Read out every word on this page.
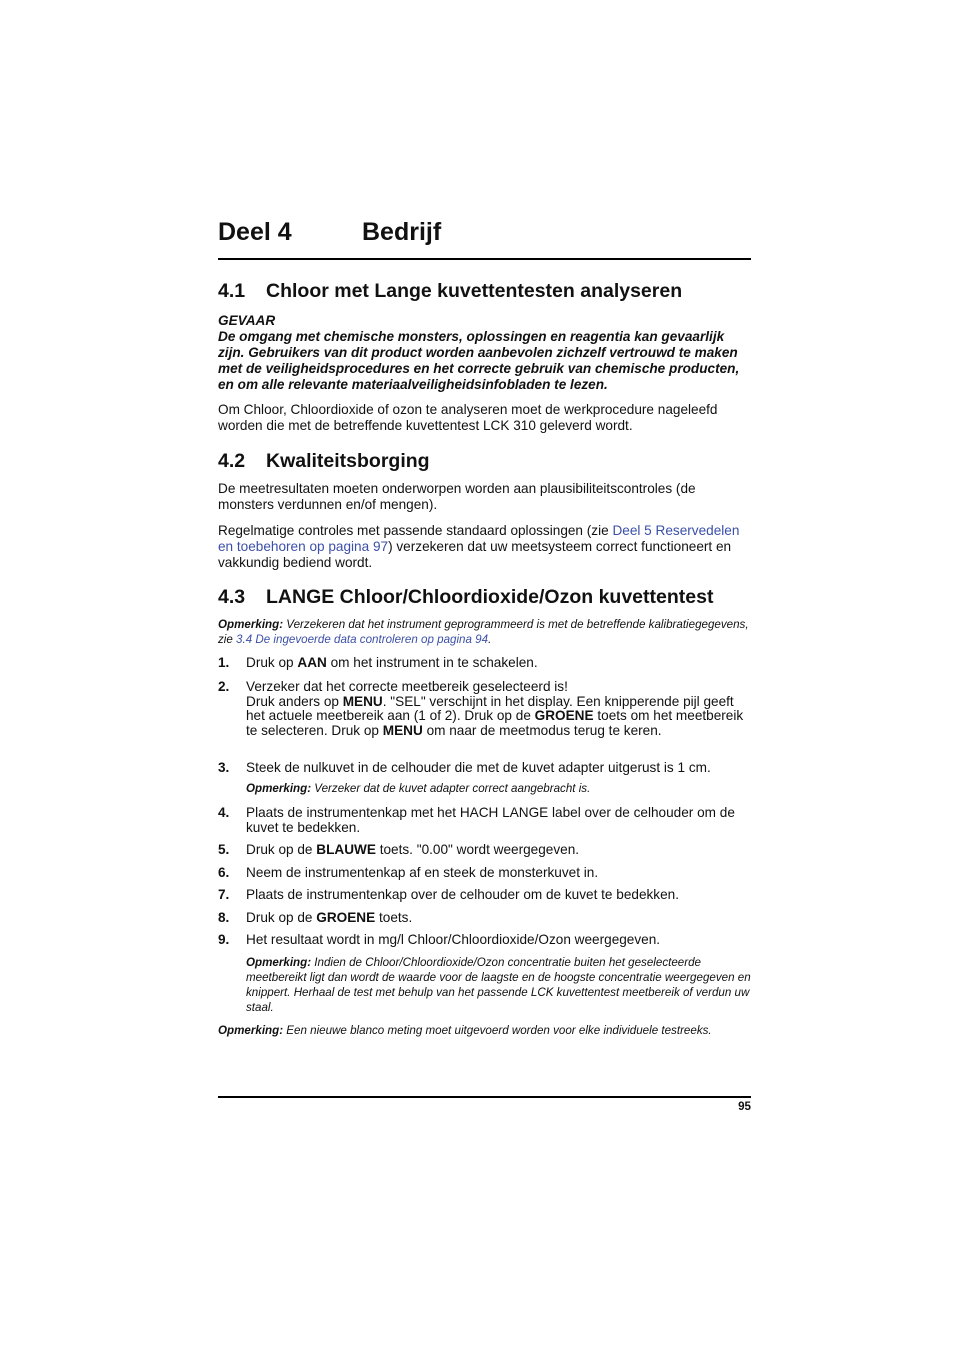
Deel 4	Bedrijf
4.1 Chloor met Lange kuvettentesten analyseren
GEVAAR
De omgang met chemische monsters, oplossingen en reagentia kan gevaarlijk zijn. Gebruikers van dit product worden aanbevolen zichzelf vertrouwd te maken met de veiligheidsprocedures en het correcte gebruik van chemische producten, en om alle relevante materiaalveiligheidsinfobladen te lezen.
Om Chloor, Chloordioxide of ozon te analyseren moet de werkprocedure nageleefd worden die met de betreffende kuvettentest LCK 310 geleverd wordt.
4.2 Kwaliteitsborging
De meetresultaten moeten onderworpen worden aan plausibiliteitscontroles (de monsters verdunnen en/of mengen).
Regelmatige controles met passende standaard oplossingen (zie Deel 5 Reservedelen en toebehoren op pagina 97) verzekeren dat uw meetsysteem correct functioneert en vakkundig bediend wordt.
4.3 LANGE Chloor/Chloordioxide/Ozon kuvettentest
Opmerking: Verzekeren dat het instrument geprogrammeerd is met de betreffende kalibratiegegevens, zie 3.4 De ingevoerde data controleren op pagina 94.
1. Druk op AAN om het instrument in te schakelen.
2. Verzeker dat het correcte meetbereik geselecteerd is!
Druk anders op MENU. "SEL" verschijnt in het display. Een knipperende pijl geeft het actuele meetbereik aan (1 of 2). Druk op de GROENE toets om het meetbereik te selecteren. Druk op MENU om naar de meetmodus terug te keren.
3. Steek de nulkuvet in de celhouder die met de kuvet adapter uitgerust is 1 cm.
Opmerking: Verzeker dat de kuvet adapter correct aangebracht is.
4. Plaats de instrumentenkap met het HACH LANGE label over de celhouder om de kuvet te bedekken.
5. Druk op de BLAUWE toets. "0.00" wordt weergegeven.
6. Neem de instrumentenkap af en steek de monsterkuvet in.
7. Plaats de instrumentenkap over de celhouder om de kuvet te bedekken.
8. Druk op de GROENE toets.
9. Het resultaat wordt in mg/l Chloor/Chloordioxide/Ozon weergegeven.
Opmerking: Indien de Chloor/Chloordioxide/Ozon concentratie buiten het geselecteerde meetbereikt ligt dan wordt de waarde voor de laagste en de hoogste concentratie weergegeven en knippert. Herhaal de test met behulp van het passende LCK kuvettentest meetbereik of verdun uw staal.
Opmerking: Een nieuwe blanco meting moet uitgevoerd worden voor elke individuele testreeks.
95
